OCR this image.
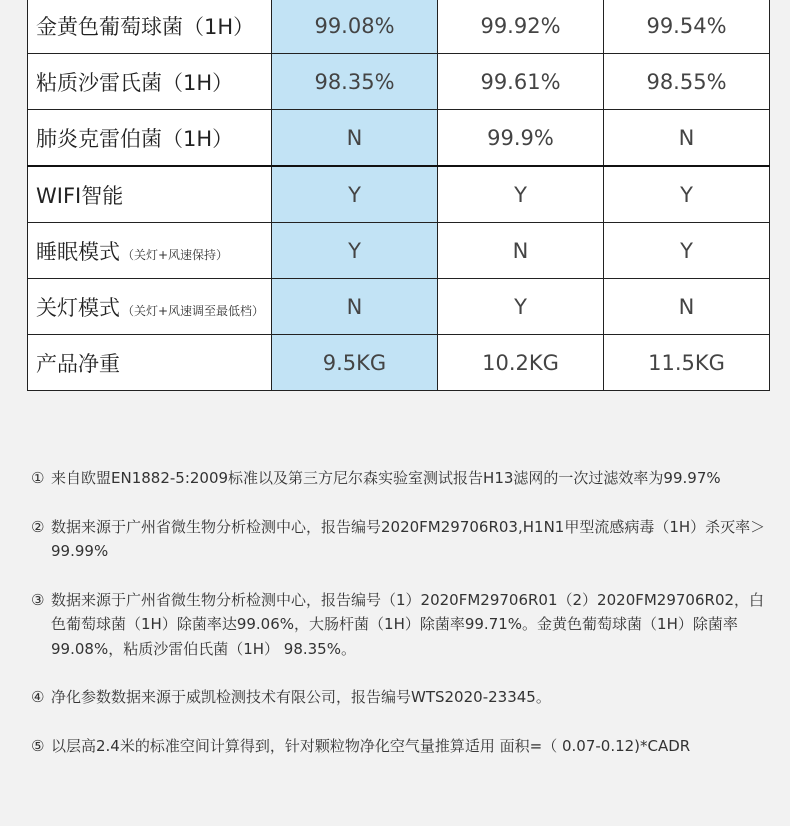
金黄色葡萄球菌（1H）	99.08%	99.92%	99.54%
粘质沙雷氏菌（1H）	98.35%	99.61%	98.55%
肺炎克雷伯菌（1H）	N	99.9%	N
WIFI智能	Y	Y	Y
睡眠模式 （关灯+风速保持）	Y	N	Y
关灯模式 （关灯+风速调至最低档）	N	Y	N
产品净重	9.5KG	10.2KG	11.5KG
① 来自欧盟EN1882-5:2009标准以及第三方尼尔森实验室测试报告H13滤网的一次过滤效率为99.97%
② 数据来源于广州省微生物分析检测中心，报告编号2020FM29706R03,H1N1甲型流感病毒（1H）杀灭率＞99.99%
③ 数据来源于广州省微生物分析检测中心，报告编号（1）2020FM29706R01（2）2020FM29706R02，白色葡萄球菌（1H）除菌率达99.06%，大肠杆菌（1H）除菌率99.71%。金黄色葡萄球菌（1H）除菌率99.08%，粘质沙雷伯氏菌（1H） 98.35%。
④ 净化参数数据来源于威凯检测技术有限公司，报告编号WTS2020-23345。
⑤ 以层高2.4米的标准空间计算得到，针对颗粒物净化空气量推算适用 面积=（ 0.07-0.12)*CADR
